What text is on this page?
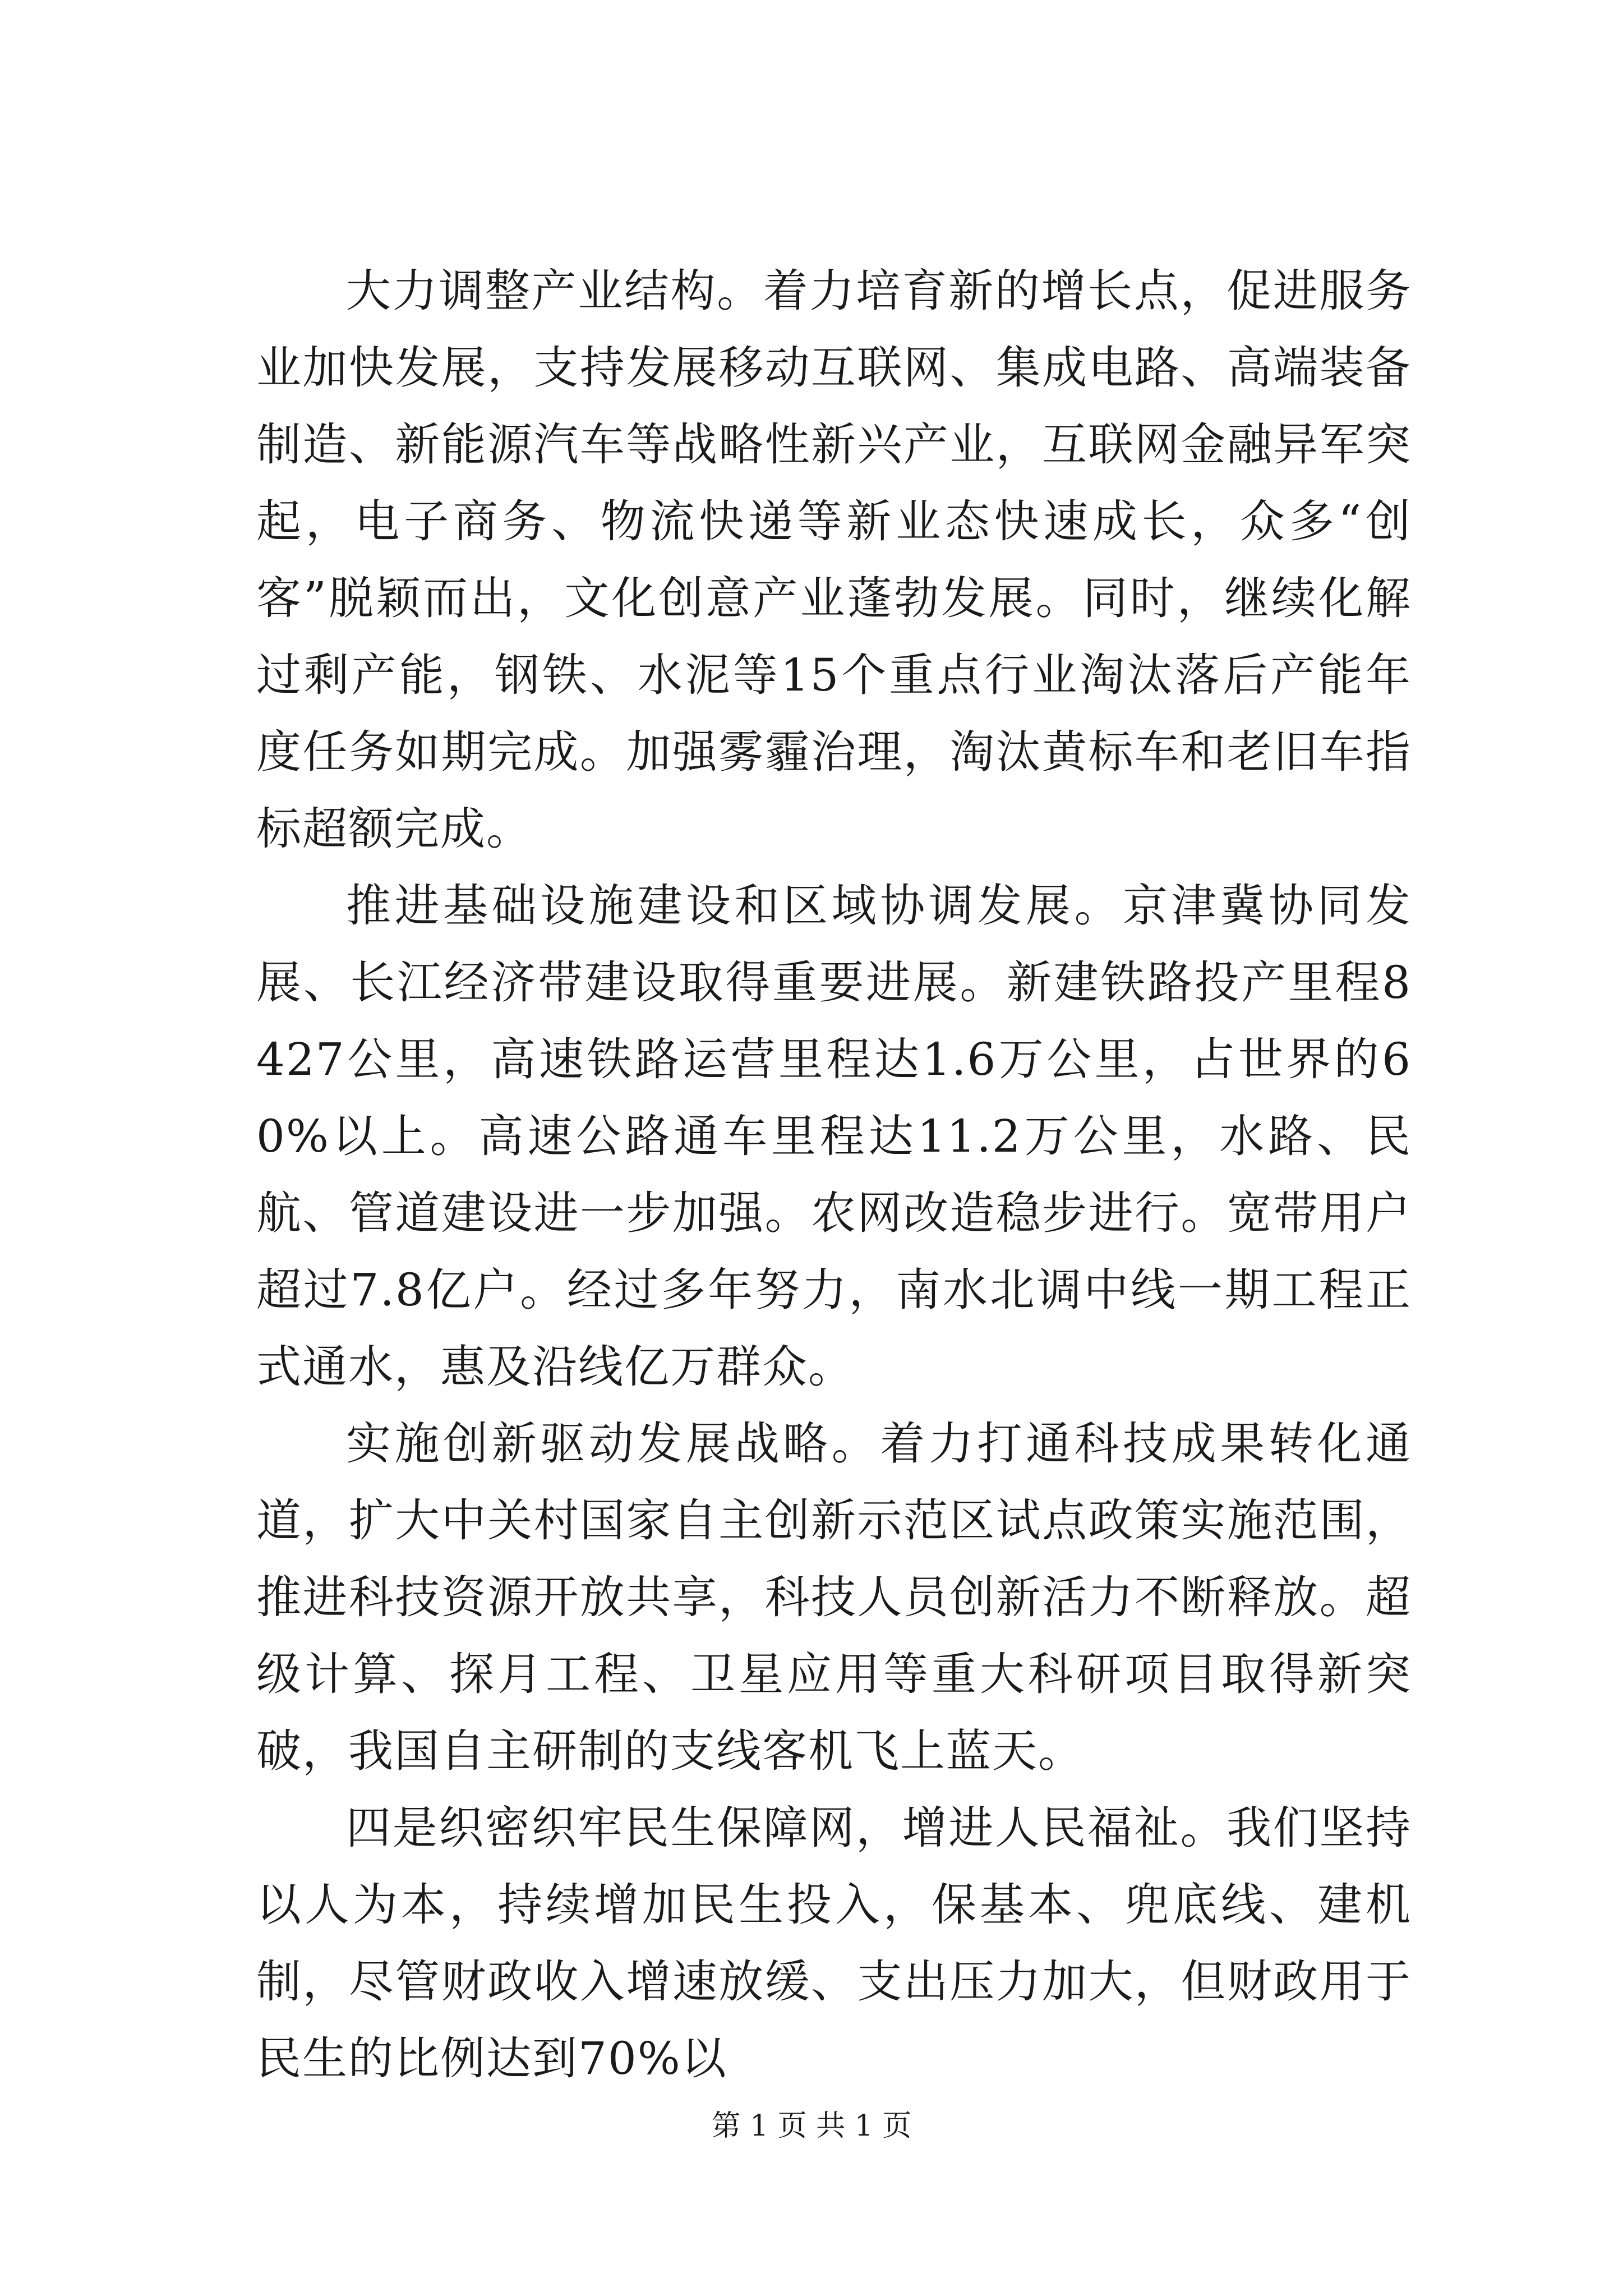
大力调整产业结构。着力培育新的增长点，促进服务业加快发展，支持发展移动互联网、集成电路、高端装备制造、新能源汽车等战略性新兴产业，互联网金融异军突起，电子商务、物流快递等新业态快速成长，众多“创客”脱颖而出，文化创意产业蓬勃发展。同时，继续化解过剩产能，钢铁、水泥等15个重点行业淘汰落后产能年度任务如期完成。加强雾霾治理，淘汰黄标车和老旧车指标超额完成。

推进基础设施建设和区域协调发展。京津冀协同发展、长江经济带建设取得重要进展。新建铁路投产里程8427公里，高速铁路运营里程达1.6万公里，占世界的60%以上。高速公路通车里程达11.2万公里，水路、民航、管道建设进一步加强。农网改造稳步进行。宽带用户超过7.8亿户。经过多年努力，南水北调中线一期工程正式通水，惠及沿线亿万群众。

实施创新驱动发展战略。着力打通科技成果转化通道，扩大中关村国家自主创新示范区试点政策实施范围，推进科技资源开放共享，科技人员创新活力不断释放。超级计算、探月工程、卫星应用等重大科研项目取得新突破，我国自主研制的支线客机飞上蓝天。

四是织密织牢民生保障网，增进人民福祉。我们坚持以人为本，持续增加民生投入，保基本、兜底线、建机制，尽管财政收入增速放缓、支出压力加大，但财政用于民生的比例达到70%以

第 1 页 共 1 页
